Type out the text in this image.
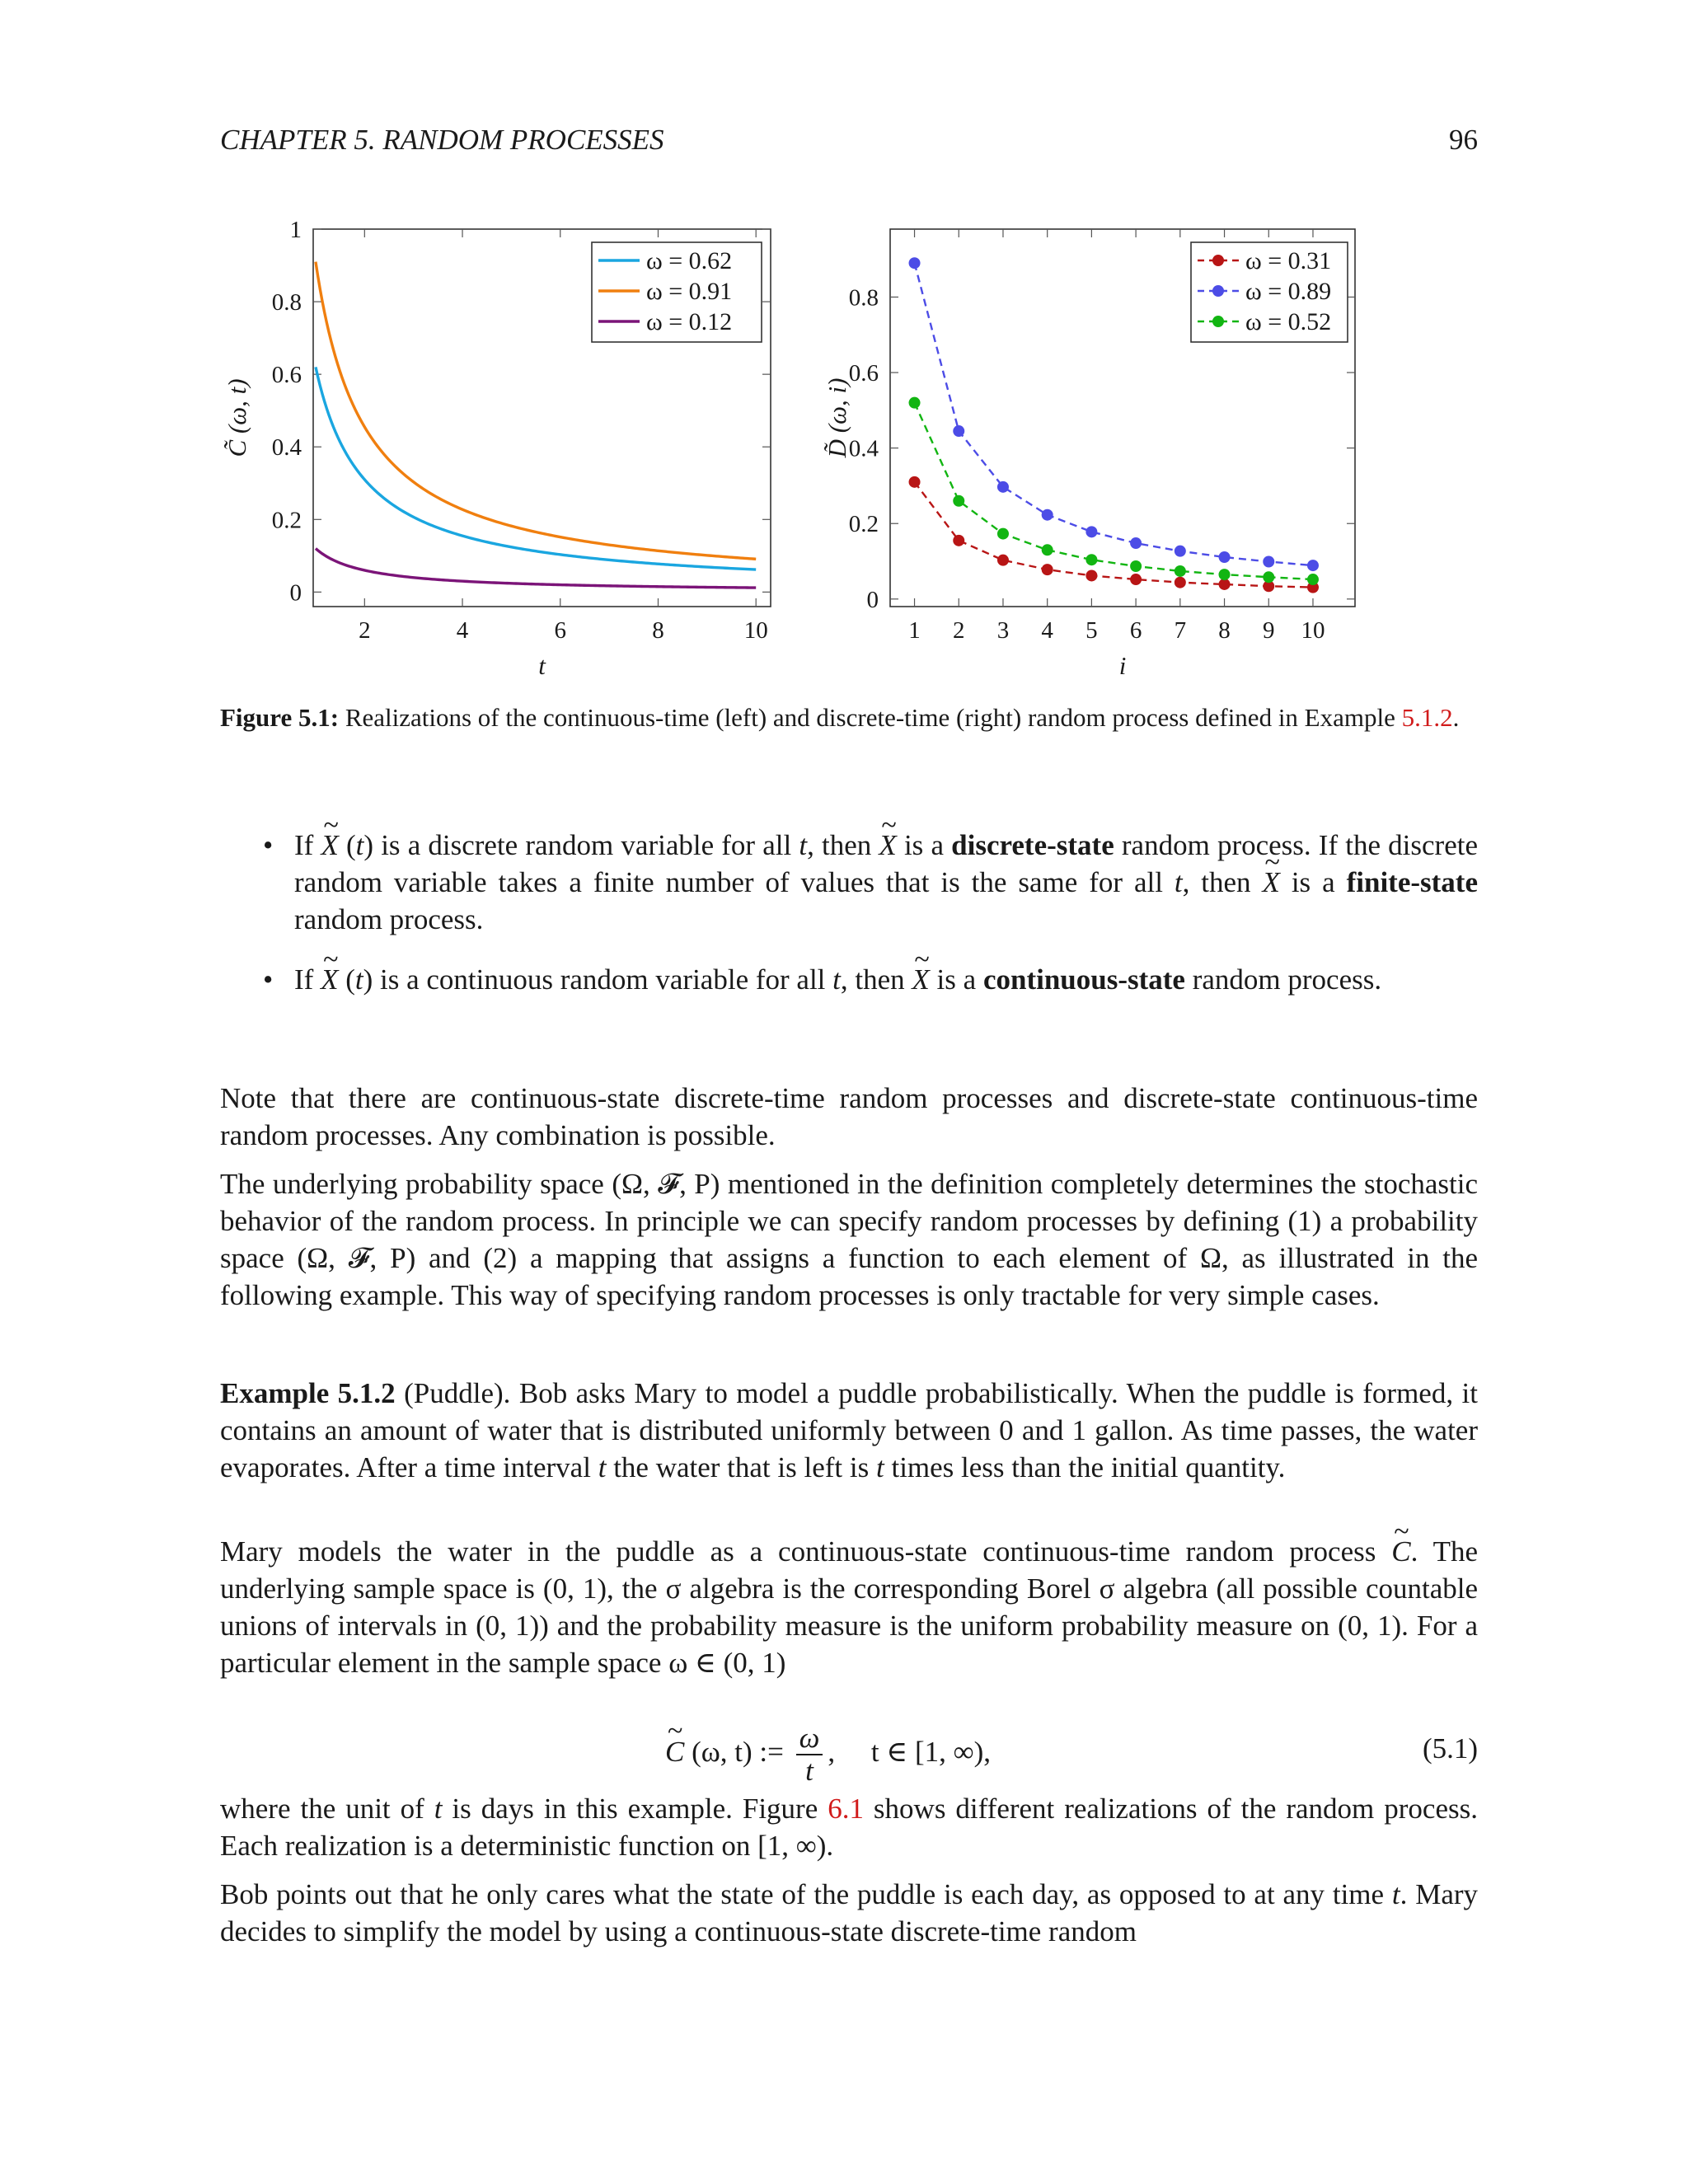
CHAPTER 5. RANDOM PROCESSES	96
2	4	6	8	10
0
0.2
0.4
0.6
0.8
1
t
C̃ (ω, t)
ω = 0.62
ω = 0.91
ω = 0.12
1 2 3 4 5 6 7 8 9 10
0
0.2
0.4
0.6
0.8
i
D̃ (ω, i)
ω = 0.31
ω = 0.89
ω = 0.52
Figure 5.1: Realizations of the continuous-time (left) and discrete-time (right) random process defined in Example 5.1.2.
• If ~ X (t) is a discrete random variable for all t, then ~ X is a discrete-state random process. If the discrete random variable takes a finite number of values that is the same for all t, then ~ X is a finite-state random process.
• If ~ X (t) is a continuous random variable for all t, then ~ X is a continuous-state random process.
Note that there are continuous-state discrete-time random processes and discrete-state continuous-time random processes. Any combination is possible.
The underlying probability space (Ω, 𝓕, P) mentioned in the definition completely determines the stochastic behavior of the random process. In principle we can specify random processes by defining (1) a probability space (Ω, 𝓕, P) and (2) a mapping that assigns a function to each element of Ω, as illustrated in the following example. This way of specifying random processes is only tractable for very simple cases.
Example 5.1.2 (Puddle). Bob asks Mary to model a puddle probabilistically. When the puddle is formed, it contains an amount of water that is distributed uniformly between 0 and 1 gallon. As time passes, the water evaporates. After a time interval t the water that is left is t times less than the initial quantity.
Mary models the water in the puddle as a continuous-state continuous-time random process ~ C. The underlying sample space is (0, 1), the σ algebra is the corresponding Borel σ algebra (all possible countable unions of intervals in (0, 1)) and the probability measure is the uniform probability measure on (0, 1). For a particular element in the sample space ω ∈ (0, 1)
~ C (ω, t) := $\frac{\omega}{t}$ ,     t ∈ [1, ∞),	(5.1)
where the unit of t is days in this example. Figure 6.1 shows different realizations of the random process. Each realization is a deterministic function on [1, ∞).
Bob points out that he only cares what the state of the puddle is each day, as opposed to at any time t. Mary decides to simplify the model by using a continuous-state discrete-time random
